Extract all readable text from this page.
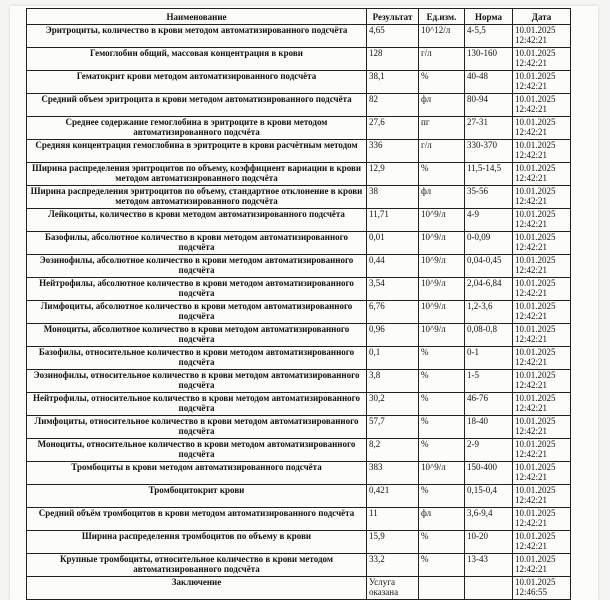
Наименование	Результат	Ед.изм.	Норма	Дата
Эритроциты, количество в крови методом автоматизированного подсчёта	4,65	10^12/л	4-5,5	10.01.2025
12:42:21

Гемоглобин общий, массовая концентрация в крови	128	г/л	130-160	10.01.2025
12:42:21

Гематокрит крови методом автоматизированного подсчёта	38,1	%	40-48	10.01.2025
12:42:21

Средний объем эритроцита в крови методом автоматизированного подсчёта	82	фл	80-94	10.01.2025
12:42:21

Среднее содержание гемоглобина в эритроците в крови методом автоматизированного подсчёта	27,6	пг	27-31	10.01.2025
12:42:21

Средняя концентрация гемоглобина в эритроците в крови расчётным методом	336	г/л	330-370	10.01.2025
12:42:21

Ширина распределения эритроцитов по объему, коэффициент вариации в крови методом автоматизированного подсчёта	12,9	%	11,5-14,5	10.01.2025
12:42:21

Ширина распределения эритроцитов по объему, стандартное отклонение в крови методом автоматизированного подсчёта	38	фл	35-56	10.01.2025
12:42:21

Лейкоциты, количество в крови методом автоматизированного подсчёта	11,71	10^9/л	4-9	10.01.2025
12:42:21

Базофилы, абсолютное количество в крови методом автоматизированного подсчёта	0,01	10^9/л	0-0,09	10.01.2025
12:42:21

Эозинофилы, абсолютное количество в крови методом автоматизированного подсчёта	0,44	10^9/л	0,04-0,45	10.01.2025
12:42:21

Нейтрофилы, абсолютное количество в крови методом автоматизированного подсчёта	3,54	10^9/л	2,04-6,84	10.01.2025
12:42:21

Лимфоциты, абсолютное количество в крови методом автоматизированного подсчёта	6,76	10^9/л	1,2-3,6	10.01.2025
12:42:21

Моноциты, абсолютное количество в крови методом автоматизированного подсчёта	0,96	10^9/л	0,08-0,8	10.01.2025
12:42:21

Базофилы, относительное количество в крови методом автоматизированного подсчёта	0,1	%	0-1	10.01.2025
12:42:21

Эозинофилы, относительное количество в крови методом автоматизированного подсчёта	3,8	%	1-5	10.01.2025
12:42:21

Нейтрофилы, относительное количество в крови методом автоматизированного подсчёта	30,2	%	46-76	10.01.2025
12:42:21

Лимфоциты, относительное количество в крови методом автоматизированного подсчёта	57,7	%	18-40	10.01.2025
12:42:21

Моноциты, относительное количество в крови методом автоматизированного подсчёта	8,2	%	2-9	10.01.2025
12:42:21

Тромбоциты в крови методом автоматизированного подсчёта	383	10^9/л	150-400	10.01.2025
12:42:21

Тромбоцитокрит крови	0,421	%	0,15-0,4	10.01.2025
12:42:21

Средний объём тромбоцитов в крови методом автоматизированного подсчёта	11	фл	3,6-9,4	10.01.2025
12:42:21

Ширина распределения тромбоцитов по объему в крови	15,9	%	10-20	10.01.2025
12:42:21

Крупные тромбоциты, относительное количество в крови методом автоматизированного подсчёта	33,2	%	13-43	10.01.2025
12:42:21

Заключение	Услуга оказана			10.01.2025
12:46:55
